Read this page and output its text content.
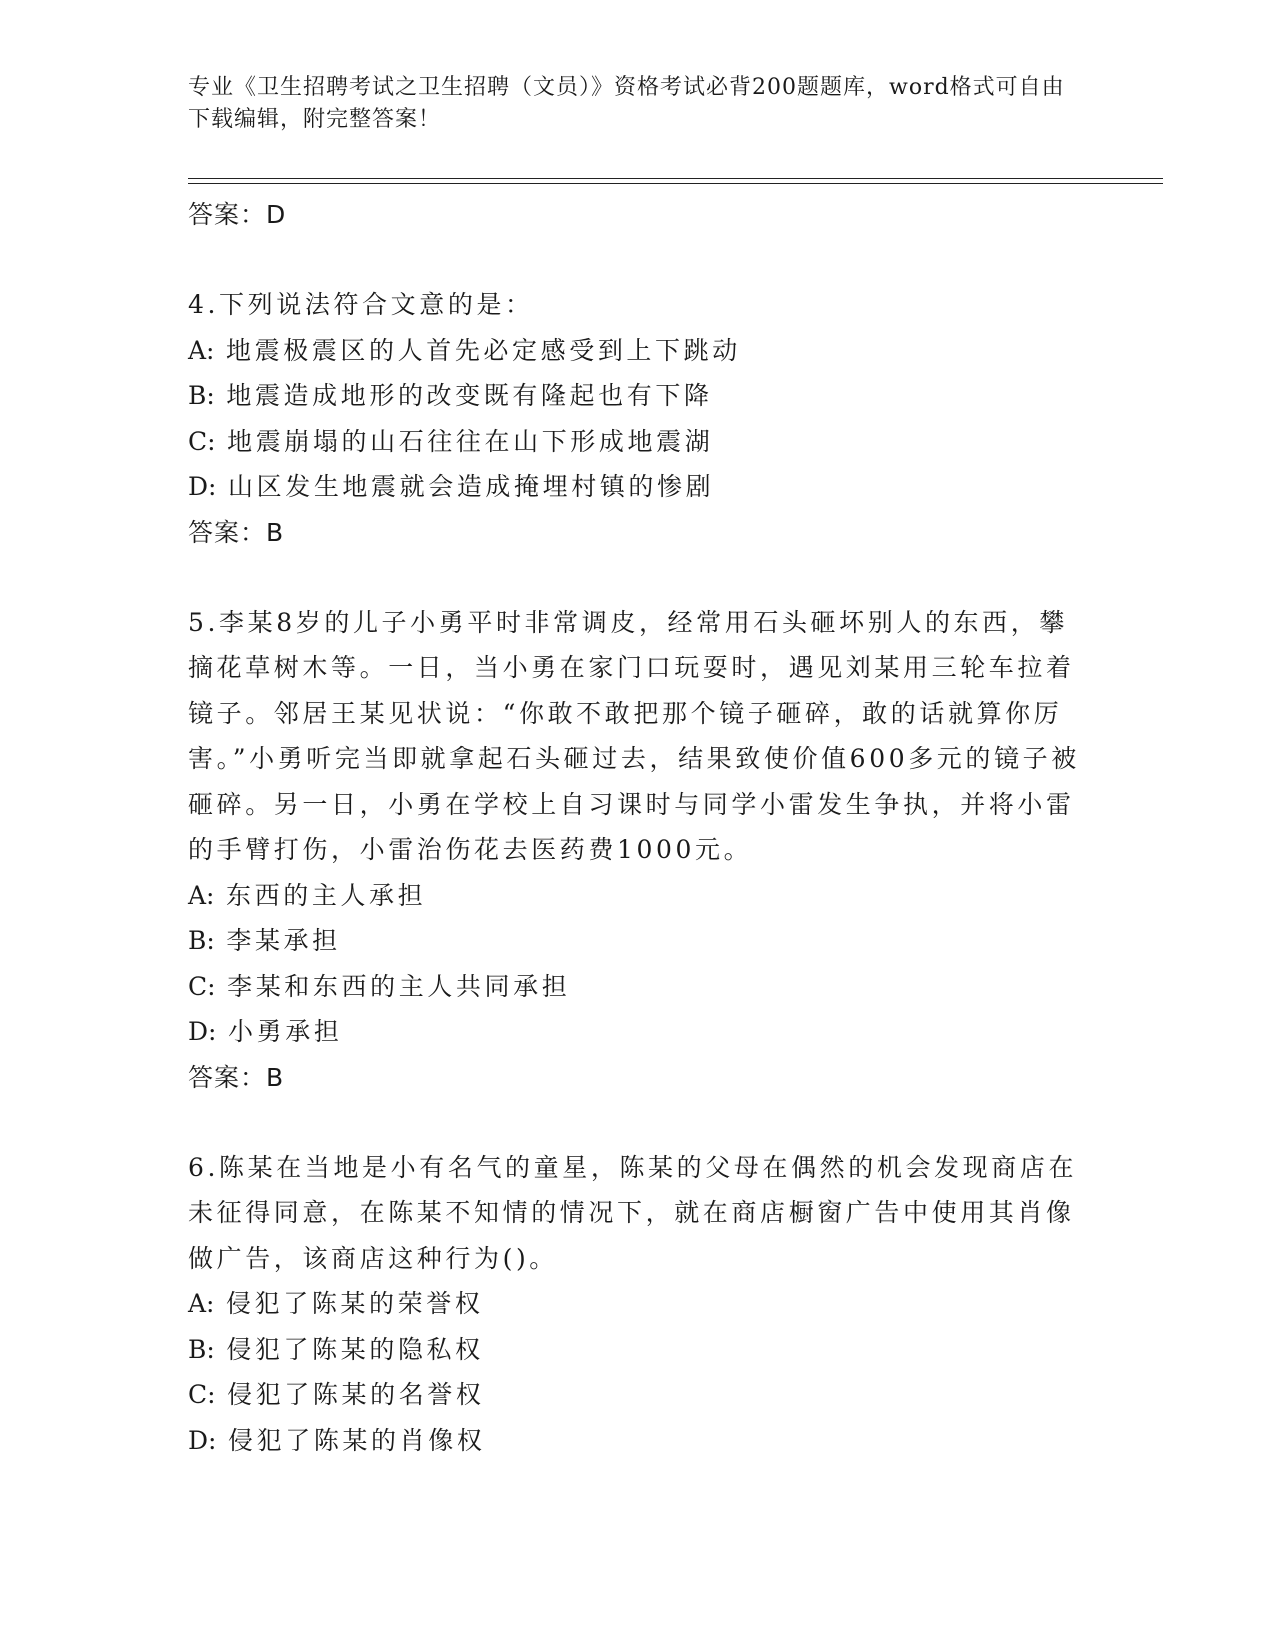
专业《卫生招聘考试之卫生招聘（文员）》资格考试必背200题题库，word格式可自由下载编辑，附完整答案！

答案：D

4.下列说法符合文意的是：

A: 地震极震区的人首先必定感受到上下跳动

B: 地震造成地形的改变既有隆起也有下降

C: 地震崩塌的山石往往在山下形成地震湖

D: 山区发生地震就会造成掩埋村镇的惨剧

答案：B

5.李某8岁的儿子小勇平时非常调皮，经常用石头砸坏别人的东西，攀摘花草树木等。一日，当小勇在家门口玩耍时，遇见刘某用三轮车拉着镜子。邻居王某见状说：“你敢不敢把那个镜子砸碎，敢的话就算你厉害。”小勇听完当即就拿起石头砸过去，结果致使价值600多元的镜子被砸碎。另一日，小勇在学校上自习课时与同学小雷发生争执，并将小雷的手臂打伤，小雷治伤花去医药费1000元。

A: 东西的主人承担

B: 李某承担

C: 李某和东西的主人共同承担

D: 小勇承担

答案：B

6.陈某在当地是小有名气的童星，陈某的父母在偶然的机会发现商店在未征得同意，在陈某不知情的情况下，就在商店橱窗广告中使用其肖像做广告，该商店这种行为()。

A: 侵犯了陈某的荣誉权

B: 侵犯了陈某的隐私权

C: 侵犯了陈某的名誉权

D: 侵犯了陈某的肖像权
